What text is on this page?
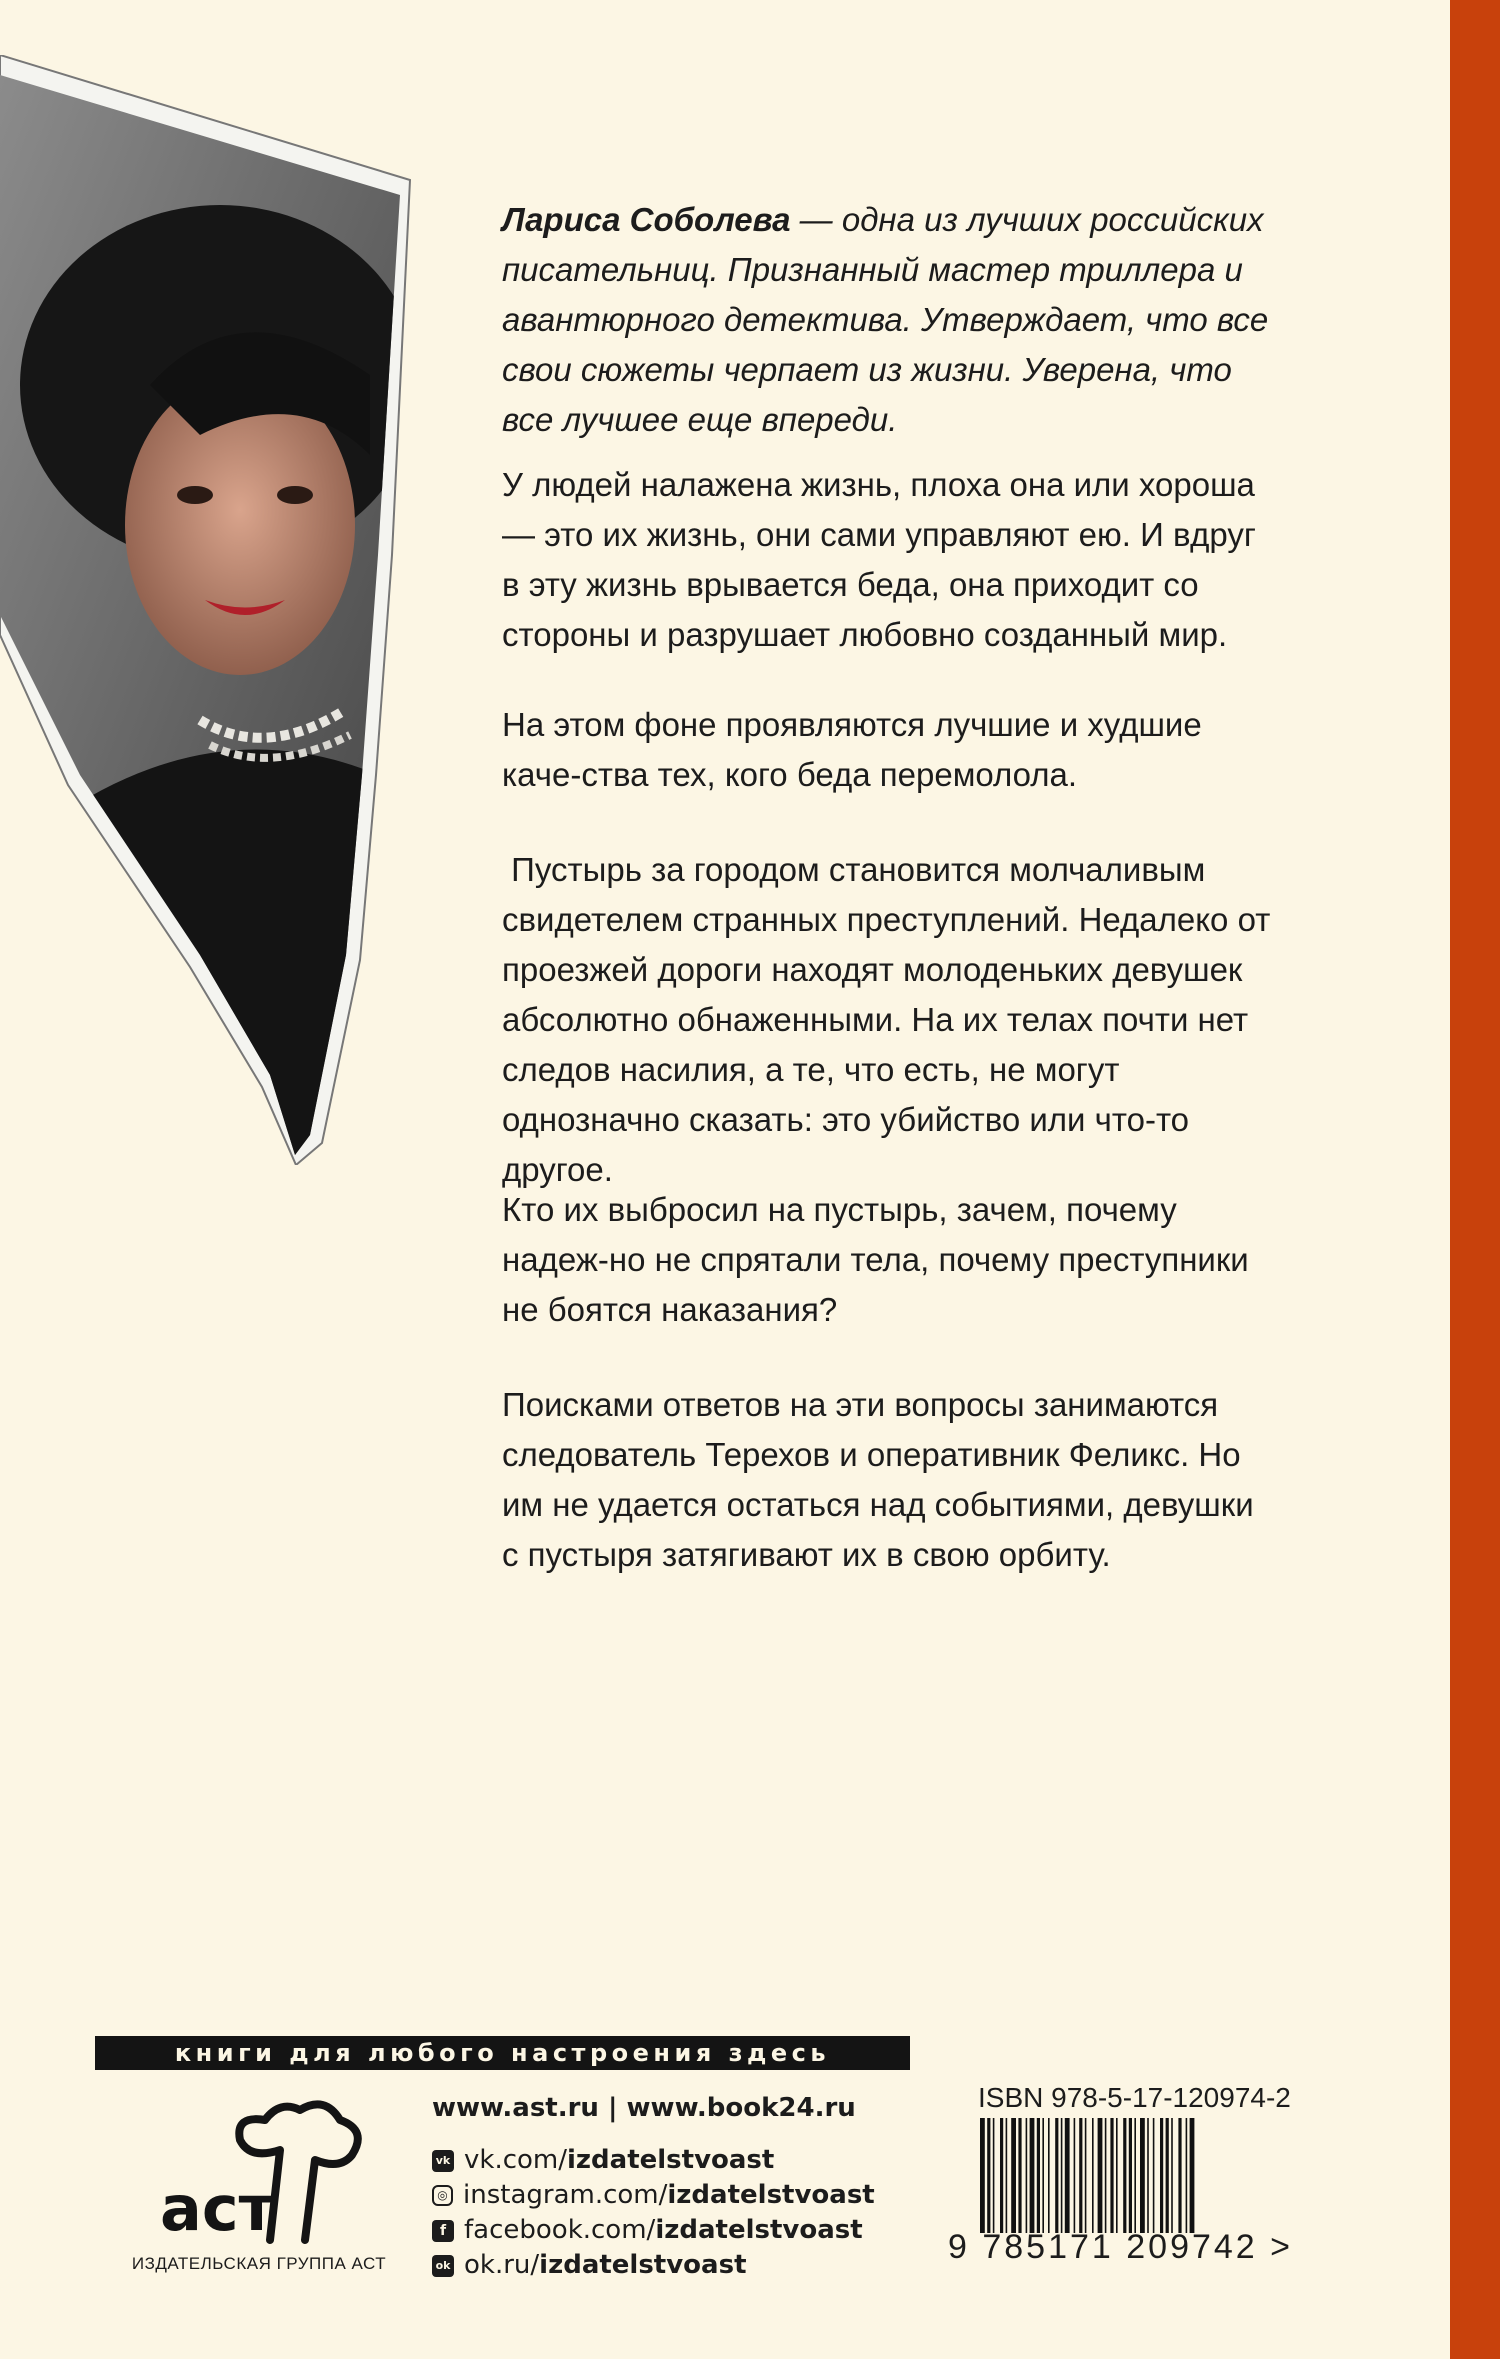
Лариса Соболева — одна из лучших российских писательниц. Признанный мастер триллера и авантюрного детектива. Утверждает, что все свои сюжеты черпает из жизни. Уверена, что все лучшее еще впереди.

У людей налажена жизнь, плоха она или хороша — это их жизнь, они сами управляют ею. И вдруг в эту жизнь врывается беда, она приходит со стороны и разрушает любовно созданный мир.

На этом фоне проявляются лучшие и худшие каче-ства тех, кого беда перемолола.

Пустырь за городом становится молчаливым свидетелем странных преступлений. Недалеко от проезжей дороги находят молоденьких девушек абсолютно обнаженными. На их телах почти нет следов насилия, а те, что есть, не могут однозначно сказать: это убийство или что-то другое.

Кто их выбросил на пустырь, зачем, почему надеж-но не спрятали тела, почему преступники не боятся наказания?

Поисками ответов на эти вопросы занимаются следователь Терехов и оперативник Феликс. Но им не удается остаться над событиями, девушки с пустыря затягивают их в свою орбиту.

книги для любого настроения здесь
аст
ИЗДАТЕЛЬСКАЯ ГРУППА АСТ
www.ast.ru | www.book24.ru
vk vk.com/ izdatelstvoast
◎ instagram.com/ izdatelstvoast
f facebook.com/ izdatelstvoast
ok ok.ru/ izdatelstvoast
ISBN 978-5-17-120974-2
9 785171 209742 >
